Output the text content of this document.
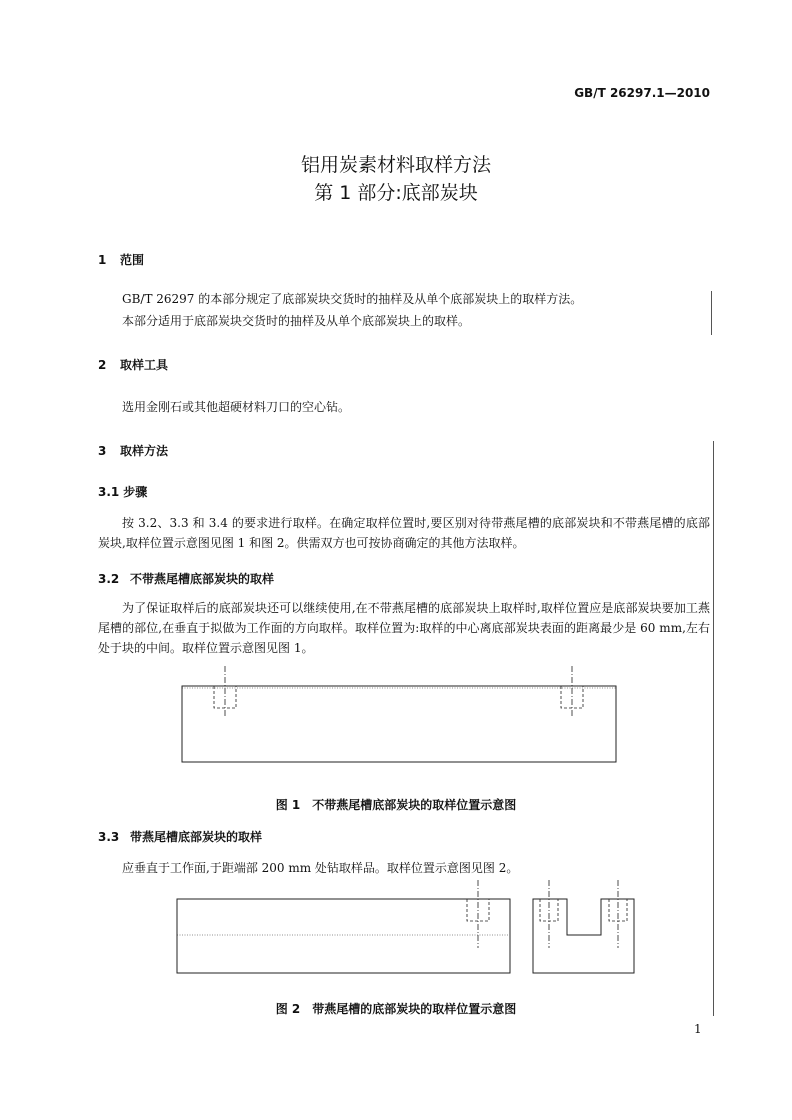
GB/T 26297.1—2010
铝用炭素材料取样方法
第 1 部分:底部炭块
1 范围
GB/T 26297 的本部分规定了底部炭块交货时的抽样及从单个底部炭块上的取样方法。
本部分适用于底部炭块交货时的抽样及从单个底部炭块上的取样。
2 取样工具
选用金刚石或其他超硬材料刀口的空心钻。
3 取样方法
3.1 步骤
按 3.2、3.3 和 3.4 的要求进行取样。在确定取样位置时,要区别对待带燕尾槽的底部炭块和不带燕尾槽的底部炭块,取样位置示意图见图 1 和图 2。供需双方也可按协商确定的其他方法取样。
3.2 不带燕尾槽底部炭块的取样
为了保证取样后的底部炭块还可以继续使用,在不带燕尾槽的底部炭块上取样时,取样位置应是底部炭块要加工燕尾槽的部位,在垂直于拟做为工作面的方向取样。取样位置为:取样的中心离底部炭块表面的距离最少是 60 mm,左右处于块的中间。取样位置示意图见图 1。
图 1　不带燕尾槽底部炭块的取样位置示意图
3.3 带燕尾槽底部炭块的取样
应垂直于工作面,于距端部 200 mm 处钻取样品。取样位置示意图见图 2。
图 2　带燕尾槽的底部炭块的取样位置示意图
1
